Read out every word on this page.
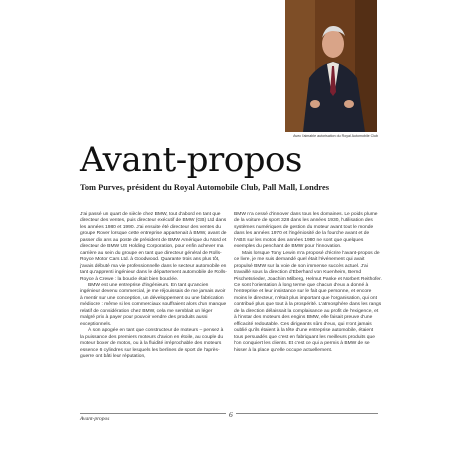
Avec l'aimable autorisation du Royal Automobile Club
Avant-propos
Tom Purves, président du Royal Automobile Club, Pall Mall, Londres

J'ai passé un quart de siècle chez BMW, tout d'abord en tant que directeur des ventes, puis directeur exécutif de BMW (GB) Ltd dans les années 1980 et 1990. J'ai ensuite été directeur des ventes du groupe Rover lorsque cette entreprise appartenait à BMW, avant de passer dix ans au poste de président de BMW Amérique du Nord et directeur de BMW US Holding Corporation, pour enfin achever ma carrière au sein du groupe en tant que directeur général de Rolls-Royce Motor Cars Ltd. à Goodwood. Quarante trois ans plus tôt, j'avais débuté ma vie professionnelle dans le secteur automobile en tant qu'apprenti ingénieur dans le département automobile de Rolls-Royce à Crewe : la boucle était bien bouclée.

BMW est une entreprise d'ingénieurs. En tant qu'ancien ingénieur devenu commercial, je me réjouissais de me jamais avoir à mentir sur une conception, un développement ou une fabrication médiocre : même si les commerciaux souffraient alors d'un manque relatif de considération chez BMW, cela me semblait un léger malgré prix à payer pour pouvoir vendre des produits aussi exceptionnels.

À son apogée en tant que constructeur de moteurs – pensez à la puissance des premiers moteurs d'avion en étoile, au couple du moteur boxer de motos, ou à la fluidité irréprochable des moteurs essence 6 cylindres sur lesquels les berlines de sport de l'après-guerre ont bâti leur réputation,

BMW n'a cessé d'innover dans tous les domaines. Le poids plume de la voiture de sport 328 dans les années 1930, l'utilisation des systèmes numériques de gestion du moteur avant tout le monde dans les années 1970 et l'ingéniosité de la fourche avant et de l'ABS sur les motos des années 1980 ne sont que quelques exemples du penchant de BMW pour l'innovation.

Mais lorsque Tony Lewin m'a proposé d'écrire l'avant-propos de ce livre, je me suis demandé quel était l'événement qui avait propulsé BMW sur la voie de son immense succès actuel. J'ai travaillé sous la direction d'Eberhard von Kuenheim, Bernd Pischetsrieder, Joachim Milberg, Helmut Panke et Norbert Reithofer. Ce sont l'orientation à long terme que chacun d'eux a donné à l'entreprise et leur insistance sur le fait que personne, et encore moins le directeur, n'était plus important que l'organisation, qui ont contribué plus que tout à la prospérité. L'atmosphère dans les rangs de la direction délaissait la complaisance au profit de l'exigence, et à l'instar des moteurs des engins BMW, elle faisait preuve d'une efficacité redoutable. Ces dirigeants sûrs d'eux, qui n'ont jamais oublié qu'ils étaient à la tête d'une entreprise automobile, étaient tous persuadés que c'est en fabriquant les meilleurs produits que l'on conquiert les clients. Et c'est ce qui a permis à BMW de se hisser à la place qu'elle occupe actuellement.

6
Avant-propos
